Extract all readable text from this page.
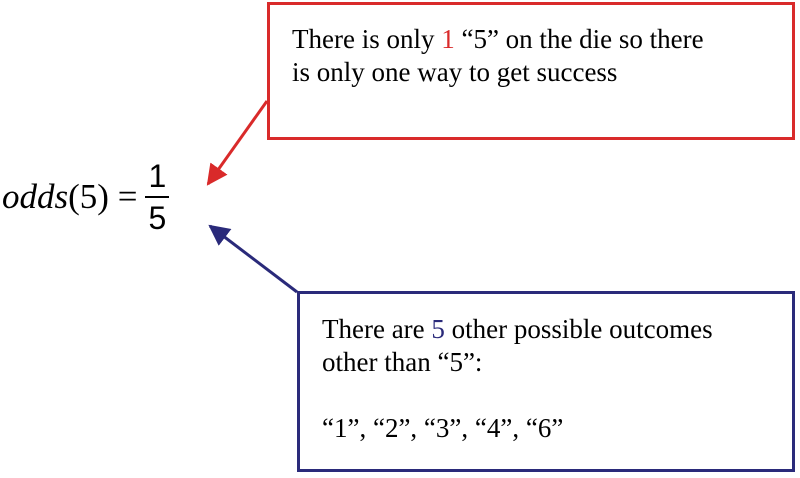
There is only 1 “5” on the die so there

is only one way to get success

odds (5)
= $\frac{1}{5}$

There are 5 other possible outcomes

other than “5”:

“1”, “2”, “3”, “4”, “6”
